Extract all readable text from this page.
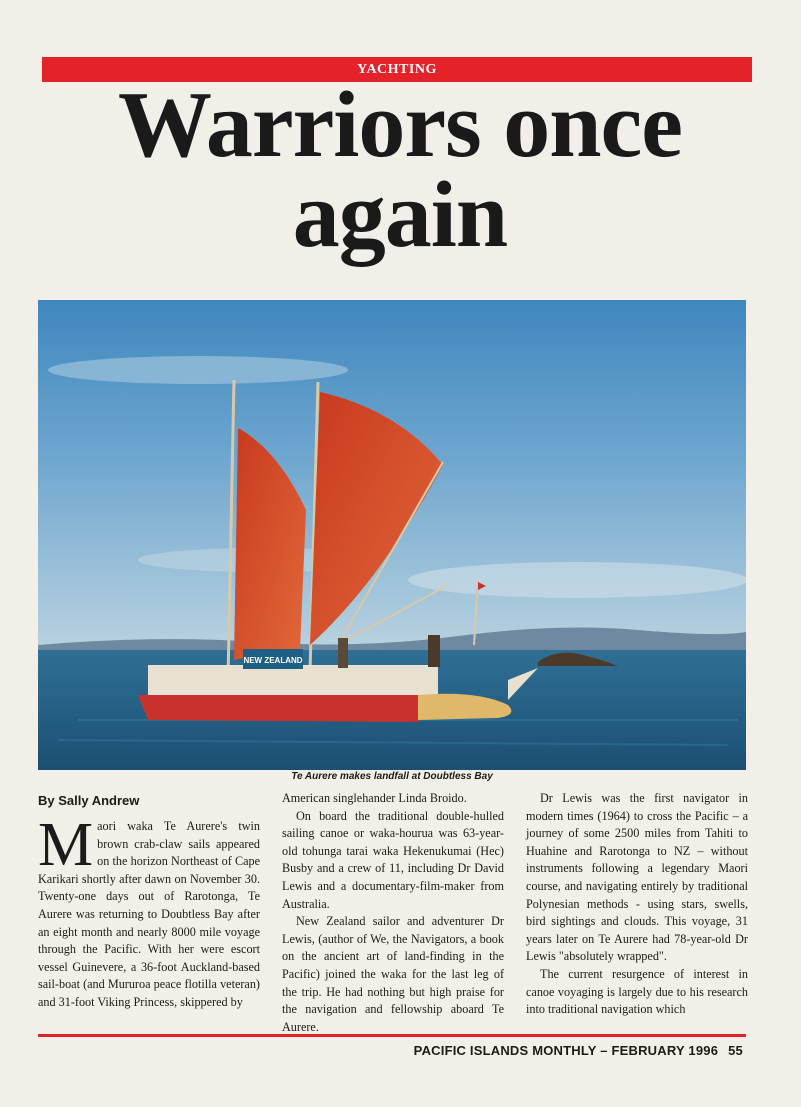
YACHTING
Warriors once
again
NEW ZEALAND
Te Aurere makes landfall at Doubtless Bay
By Sally Andrew

Maori waka Te Aurere's twin brown crab-claw sails appeared on the horizon Northeast of Cape Karikari shortly after dawn on November 30. Twenty-one days out of Rarotonga, Te Aurere was returning to Doubtless Bay after an eight month and nearly 8000 mile voyage through the Pacific. With her were escort vessel Guinevere, a 36-foot Auckland-based sail-boat (and Mururoa peace flotilla veteran) and 31-foot Viking Princess, skippered by

American singlehander Linda Broido.

On board the traditional double-hulled sailing canoe or waka-hourua was 63-year-old tohunga tarai waka Hekenukumai (Hec) Busby and a crew of 11, including Dr David Lewis and a documentary-film-maker from Australia.

New Zealand sailor and adventurer Dr Lewis, (author of We, the Navigators, a book on the ancient art of land-finding in the Pacific) joined the waka for the last leg of the trip. He had nothing but high praise for the navigation and fellowship aboard Te Aurere.

Dr Lewis was the first navigator in modern times (1964) to cross the Pacific – a journey of some 2500 miles from Tahiti to Huahine and Rarotonga to NZ – without instruments following a legendary Maori course, and navigating entirely by traditional Polynesian methods - using stars, swells, bird sightings and clouds. This voyage, 31 years later on Te Aurere had 78-year-old Dr Lewis "absolutely wrapped".

The current resurgence of interest in canoe voyaging is largely due to his research into traditional navigation which

PACIFIC ISLANDS MONTHLY – FEBRUARY 1996 55
